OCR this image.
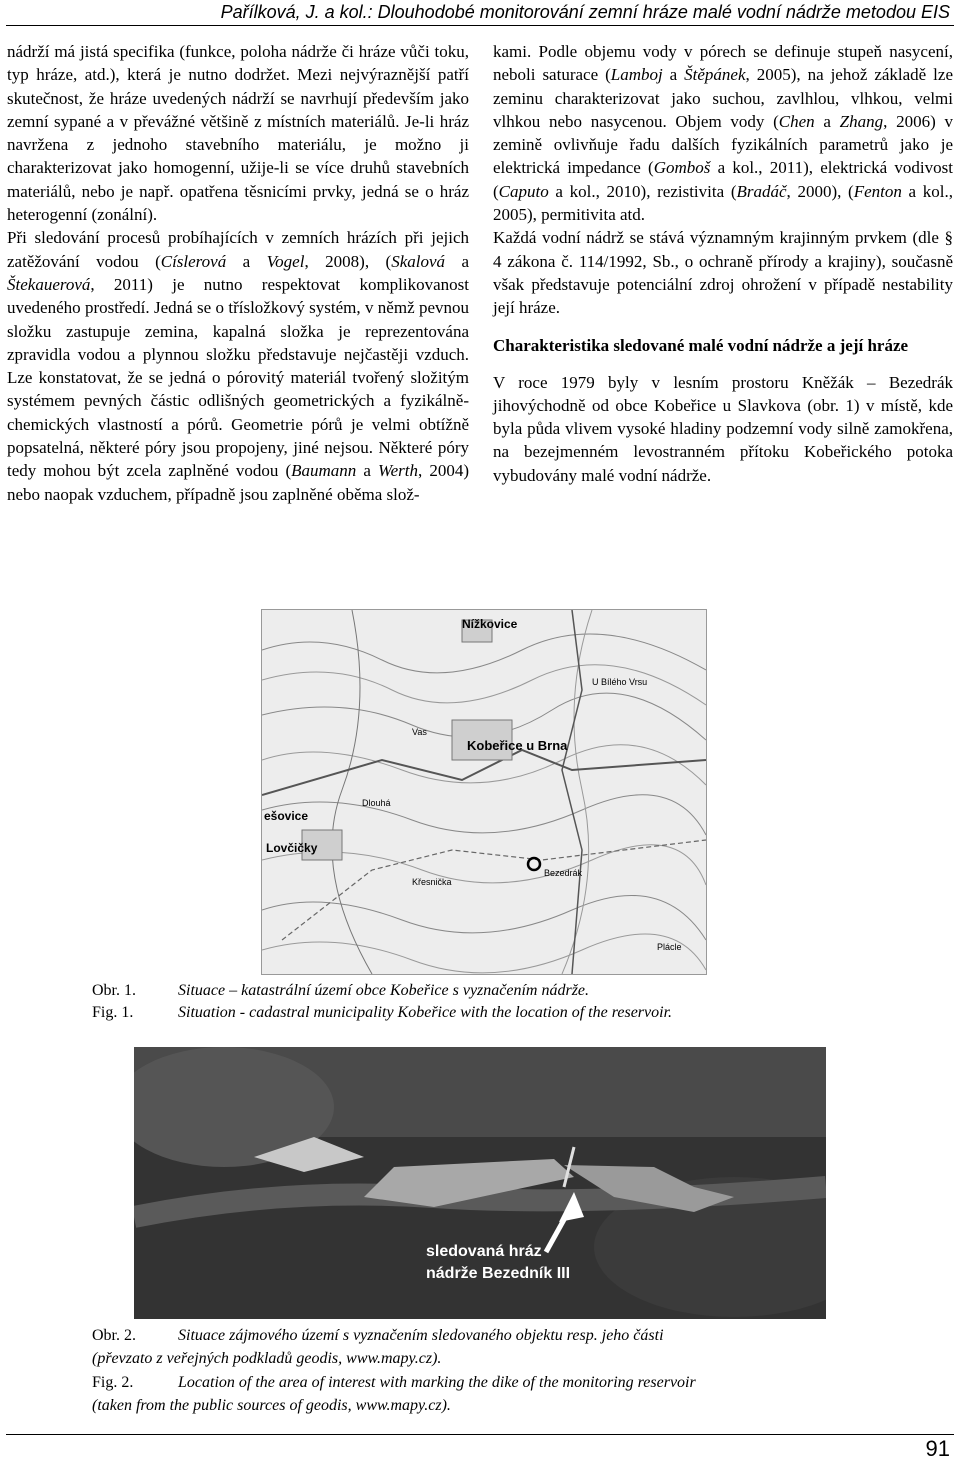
Pařílková, J. a kol.: Dlouhodobé monitorování zemní hráze malé vodní nádrže metodou EIS

nádrží má jistá specifika (funkce, poloha nádrže či hráze vůči toku, typ hráze, atd.), která je nutno dodržet. Mezi nejvýraznější patří skutečnost, že hráze uvedených nádrží se navrhují především jako zemní sypané a v převážné většině z místních materiálů. Je-li hráz navržena z jednoho stavebního materiálu, je možno ji charakterizovat jako homogenní, užije-li se více druhů stavebních materiálů, nebo je např. opatřena těsnicími prvky, jedná se o hráz heterogenní (zonální).

Při sledování procesů probíhajících v zemních hrázích při jejich zatěžování vodou (Císlerová a Vogel, 2008), (Skalová a Štekauerová, 2011) je nutno respektovat komplikovanost uvedeného prostředí. Jedná se o třísložkový systém, v němž pevnou složku zastupuje zemina, kapalná složka je reprezentována zpravidla vodou a plynnou složku představuje nejčastěji vzduch. Lze konstatovat, že se jedná o pórovitý materiál tvořený složitým systémem pevných částic odlišných geometrických a fyzikálně-chemických vlastností a pórů. Geometrie pórů je velmi obtížně popsatelná, některé póry jsou propojeny, jiné nejsou. Některé póry tedy mohou být zcela zaplněné vodou (Baumann a Werth, 2004) nebo naopak vzduchem, případně jsou zaplněné oběma slož-

kami. Podle objemu vody v pórech se definuje stupeň nasycení, neboli saturace (Lamboj a Štěpánek, 2005), na jehož základě lze zeminu charakterizovat jako suchou, zavlhlou, vlhkou, velmi vlhkou nebo nasycenou. Objem vody (Chen a Zhang, 2006) v zemině ovlivňuje řadu dalších fyzikálních parametrů jako je elektrická impedance (Gomboš a kol., 2011), elektrická vodivost (Caputo a kol., 2010), rezistivita (Bradáč, 2000), (Fenton a kol., 2005), permitivita atd.

Každá vodní nádrž se stává významným krajinným prvkem (dle § 4 zákona č. 114/1992, Sb., o ochraně přírody a krajiny), současně však představuje potenciální zdroj ohrožení v případě nestability její hráze.

Charakteristika sledované malé vodní nádrže a její hráze

V roce 1979 byly v lesním prostoru Kněžák – Bezedrák jihovýchodně od obce Kobeřice u Slavkova (obr. 1) v místě, kde byla půda vlivem vysoké hladiny podzemní vody silně zamokřena, na bezejmenném levostranném přítoku Kobeřického potoka vybudovány malé vodní nádrže.

Nížkovice
Kobeřice u Brna
ešovice
Lovčičky
Dlouhá
Křesnička
Plácle
Vas
U Bílého Vrsu
Bezedrák
Obr. 1.	Situace – katastrální území obce Kobeřice s vyznačením nádrže.
Fig. 1.	Situation - cadastral municipality Kobeřice with the location of the reservoir.
sledovaná hráz
nádrže Bezedník III
Obr. 2.	Situace zájmového území s vyznačením sledovaného objektu resp. jeho části
(převzato z veřejných podkladů geodis, www.mapy.cz).
Fig. 2.	Location of the area of interest with marking the dike of the monitoring reservoir
(taken from the public sources of geodis, www.mapy.cz).
91
